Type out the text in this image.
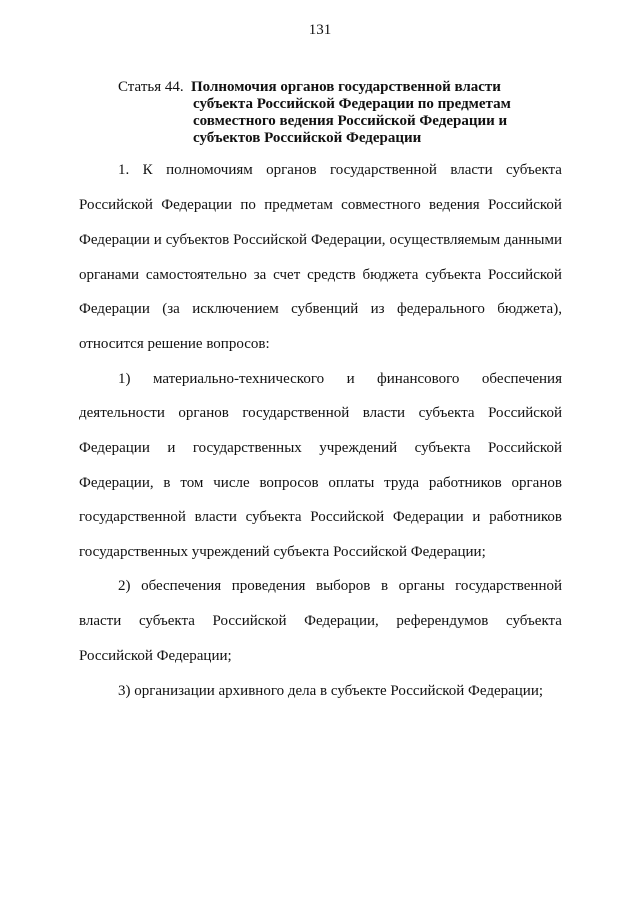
131
Статья 44. Полномочия органов государственной власти
субъекта Российской Федерации по предметам
совместного ведения Российской Федерации и
субъектов Российской Федерации
1. К полномочиям органов государственной власти субъекта
Российской Федерации по предметам совместного ведения Российской
Федерации и субъектов Российской Федерации, осуществляемым данными
органами самостоятельно за счет средств бюджета субъекта Российской
Федерации (за исключением субвенций из федерального бюджета),
относится решение вопросов:
1) материально-технического и финансового обеспечения
деятельности органов государственной власти субъекта Российской
Федерации и государственных учреждений субъекта Российской
Федерации, в том числе вопросов оплаты труда работников органов
государственной власти субъекта Российской Федерации и работников
государственных учреждений субъекта Российской Федерации;
2) обеспечения проведения выборов в органы государственной
власти субъекта Российской Федерации, референдумов субъекта
Российской Федерации;
3) организации архивного дела в субъекте Российской Федерации;
